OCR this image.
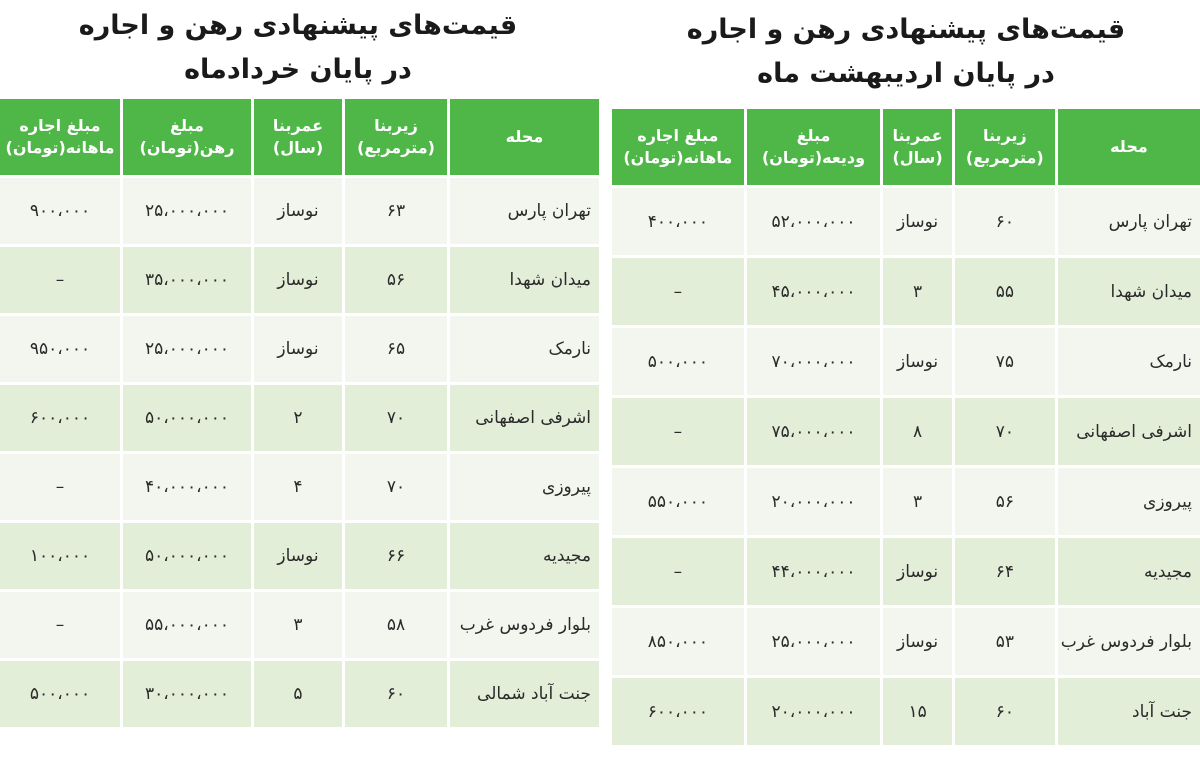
قیمت‌های پیشنهادی رهن و اجاره
در پایان خردادماه
محله	زیربنا (مترمربع)	عمربنا (سال)	مبلغ رهن(تومان)	مبلغ اجاره ماهانه(تومان)
تهران پارس	۶۳	نوساز	۲۵،۰۰۰،۰۰۰	۹۰۰،۰۰۰
میدان شهدا	۵۶	نوساز	۳۵،۰۰۰،۰۰۰	–
نارمک	۶۵	نوساز	۲۵،۰۰۰،۰۰۰	۹۵۰،۰۰۰
اشرفی اصفهانی	۷۰	۲	۵۰،۰۰۰،۰۰۰	۶۰۰،۰۰۰
پیروزی	۷۰	۴	۴۰،۰۰۰،۰۰۰	–
مجیدیه	۶۶	نوساز	۵۰،۰۰۰،۰۰۰	۱۰۰،۰۰۰
بلوار فردوس غرب	۵۸	۳	۵۵،۰۰۰،۰۰۰	–
جنت آباد شمالی	۶۰	۵	۳۰،۰۰۰،۰۰۰	۵۰۰،۰۰۰
قیمت‌های پیشنهادی رهن و اجاره
در پایان اردیبهشت ماه
محله	زیربنا (مترمربع)	عمربنا (سال)	مبلغ ودیعه(تومان)	مبلغ اجاره ماهانه(تومان)
تهران پارس	۶۰	نوساز	۵۲،۰۰۰،۰۰۰	۴۰۰،۰۰۰
میدان شهدا	۵۵	۳	۴۵،۰۰۰،۰۰۰	–
نارمک	۷۵	نوساز	۷۰،۰۰۰،۰۰۰	۵۰۰،۰۰۰
اشرفی اصفهانی	۷۰	۸	۷۵،۰۰۰،۰۰۰	–
پیروزی	۵۶	۳	۲۰،۰۰۰،۰۰۰	۵۵۰،۰۰۰
مجیدیه	۶۴	نوساز	۴۴،۰۰۰،۰۰۰	–
بلوار فردوس غرب	۵۳	نوساز	۲۵،۰۰۰،۰۰۰	۸۵۰،۰۰۰
جنت آباد	۶۰	۱۵	۲۰،۰۰۰،۰۰۰	۶۰۰،۰۰۰
